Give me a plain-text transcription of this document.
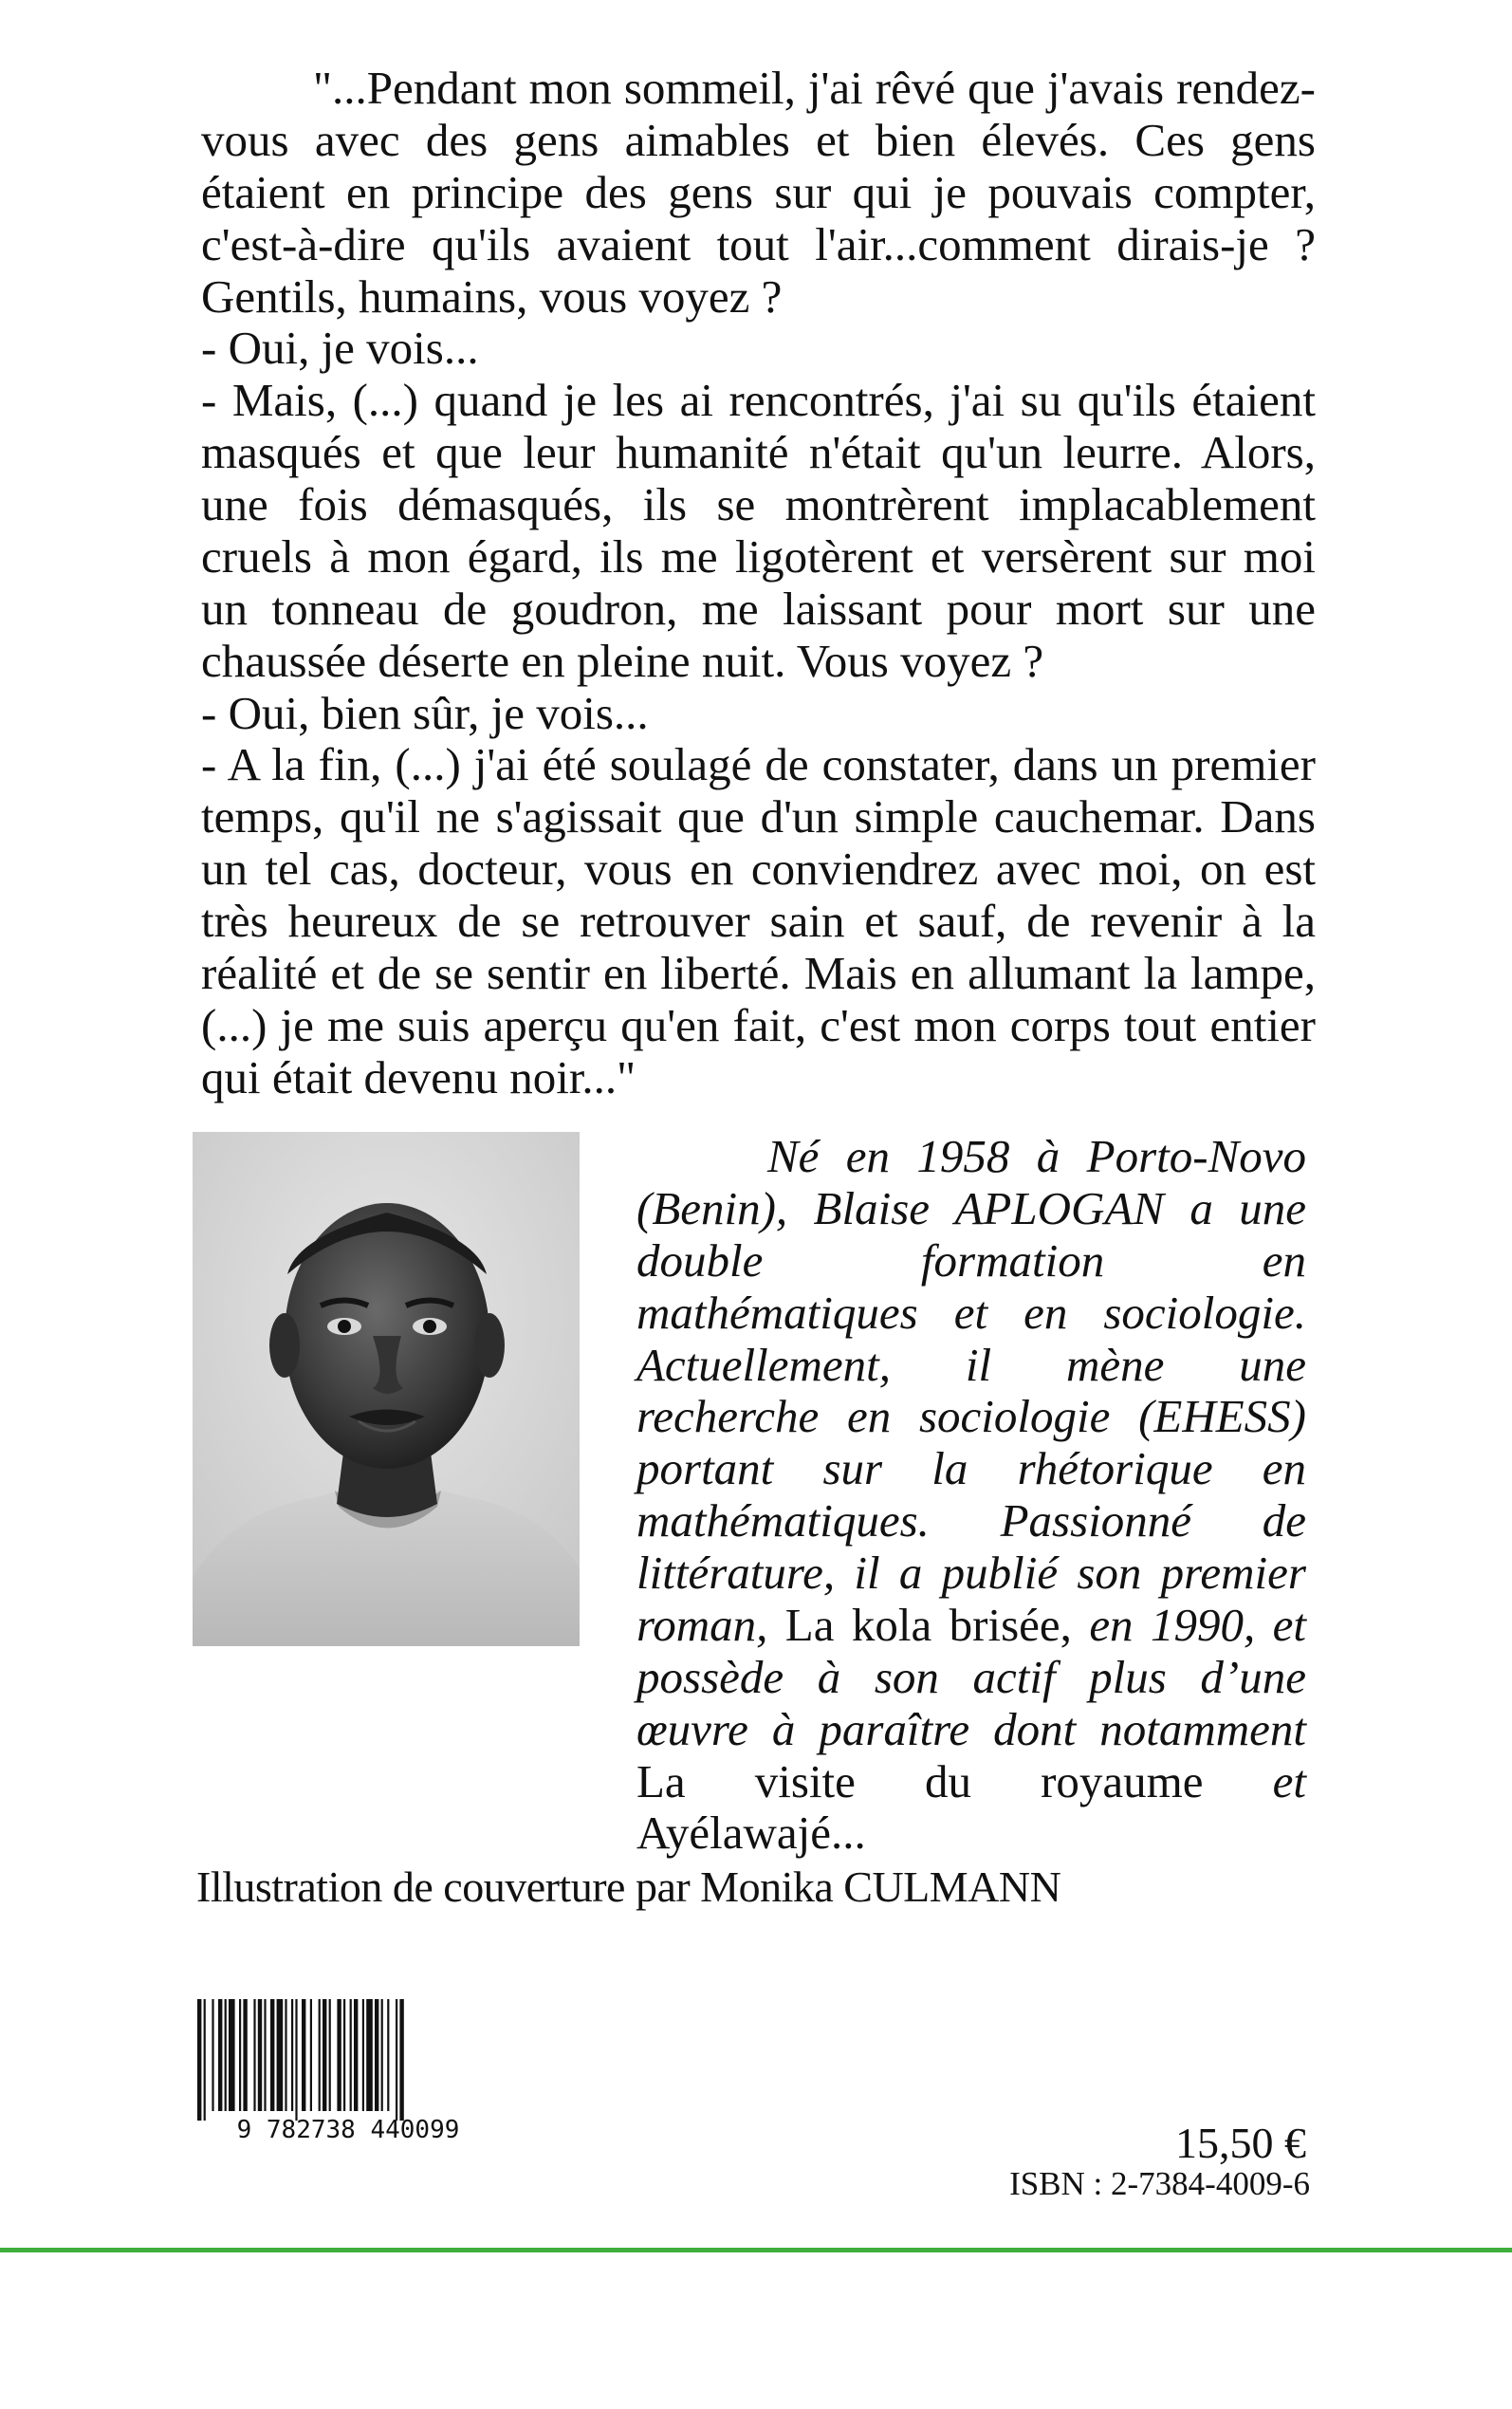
"...Pendant mon sommeil, j'ai rêvé que j'avais rendez-vous avec des gens aimables et bien élevés. Ces gens étaient en principe des gens sur qui je pouvais compter, c'est-à-dire qu'ils avaient tout l'air...comment dirais-je ? Gentils, humains, vous voyez ?

- Oui, je vois...

- Mais, (...) quand je les ai rencontrés, j'ai su qu'ils étaient masqués et que leur humanité n'était qu'un leurre. Alors, une fois démasqués, ils se montrèrent implacablement cruels à mon égard, ils me ligotèrent et versèrent sur moi un tonneau de goudron, me laissant pour mort sur une chaussée déserte en pleine nuit. Vous voyez ?

- Oui, bien sûr, je vois...

- A la fin, (...) j'ai été soulagé de constater, dans un premier temps, qu'il ne s'agissait que d'un simple cauchemar. Dans un tel cas, docteur, vous en conviendrez avec moi, on est très heureux de se retrouver sain et sauf, de revenir à la réalité et de se sentir en liberté. Mais en allumant la lampe, (...) je me suis aperçu qu'en fait, c'est mon corps tout entier qui était devenu noir..."

Né en 1958 à Porto-Novo (Benin), Blaise APLOGAN a une double formation en mathématiques et en sociologie. Actuellement, il mène une recherche en sociologie (EHESS) portant sur la rhétorique en mathématiques. Passionné de littérature, il a publié son premier roman, La kola brisée, en 1990, et possède à son actif plus d’une œuvre à paraître dont notamment La visite du royaume et
Ayélawajé...

Illustration de couverture par Monika CULMANN
9 782738 440099	15,50 €
ISBN : 2-7384-4009-6
